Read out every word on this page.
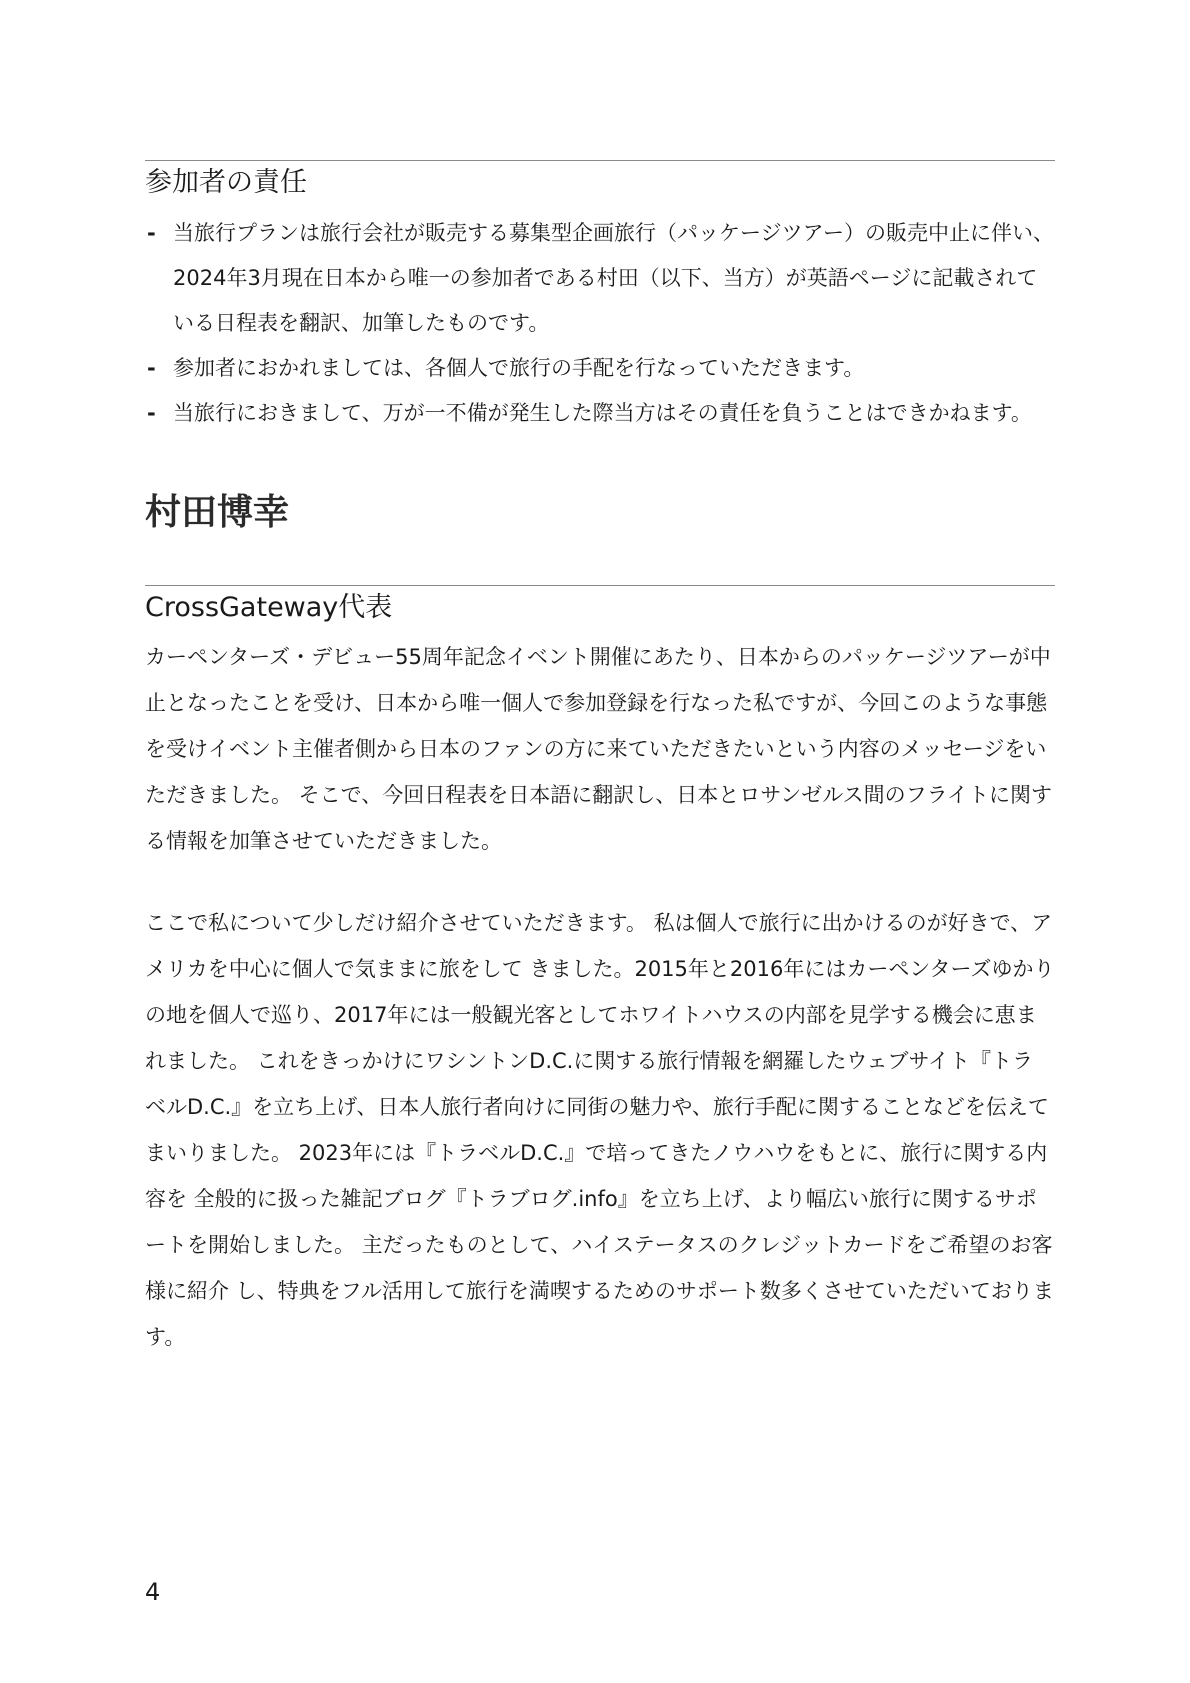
参加者の責任
- 当旅行プランは旅行会社が販売する募集型企画旅行（パッケージツアー）の販売中止に伴い、2024年3月現在日本から唯一の参加者である村田（以下、当方）が英語ページに記載されている日程表を翻訳、加筆したものです。
- 参加者におかれましては、各個人で旅行の手配を行なっていただきます。
- 当旅行におきまして、万が一不備が発生した際当方はその責任を負うことはできかねます。
村田博幸
CrossGateway代表

カーペンターズ・デビュー55周年記念イベント開催にあたり、日本からのパッケージツアーが中止となったことを受け、日本から唯一個人で参加登録を行なった私ですが、今回このような事態を受けイベント主催者側から日本のファンの方に来ていただきたいという内容のメッセージをいただきました。 そこで、今回日程表を日本語に翻訳し、日本とロサンゼルス間のフライトに関する情報を加筆させていただきました。

ここで私について少しだけ紹介させていただきます。 私は個人で旅行に出かけるのが好きで、アメリカを中心に個人で気ままに旅をして きました。2015年と2016年にはカーペンターズゆかりの地を個人で巡り、2017年には一般観光客としてホワイトハウスの内部を見学する機会に恵まれました。 これをきっかけにワシントンD.C.に関する旅行情報を網羅したウェブサイト『トラ ベルD.C.』を立ち上げ、日本人旅行者向けに同街の魅力や、旅行手配に関することなどを伝えてまいりました。 2023年には『トラベルD.C.』で培ってきたノウハウをもとに、旅行に関する内容を 全般的に扱った雑記ブログ『トラブログ.info』を立ち上げ、より幅広い旅行に関するサポートを開始しました。 主だったものとして、ハイステータスのクレジットカードをご希望のお客様に紹介 し、特典をフル活用して旅行を満喫するためのサポート数多くさせていただいております。

4
